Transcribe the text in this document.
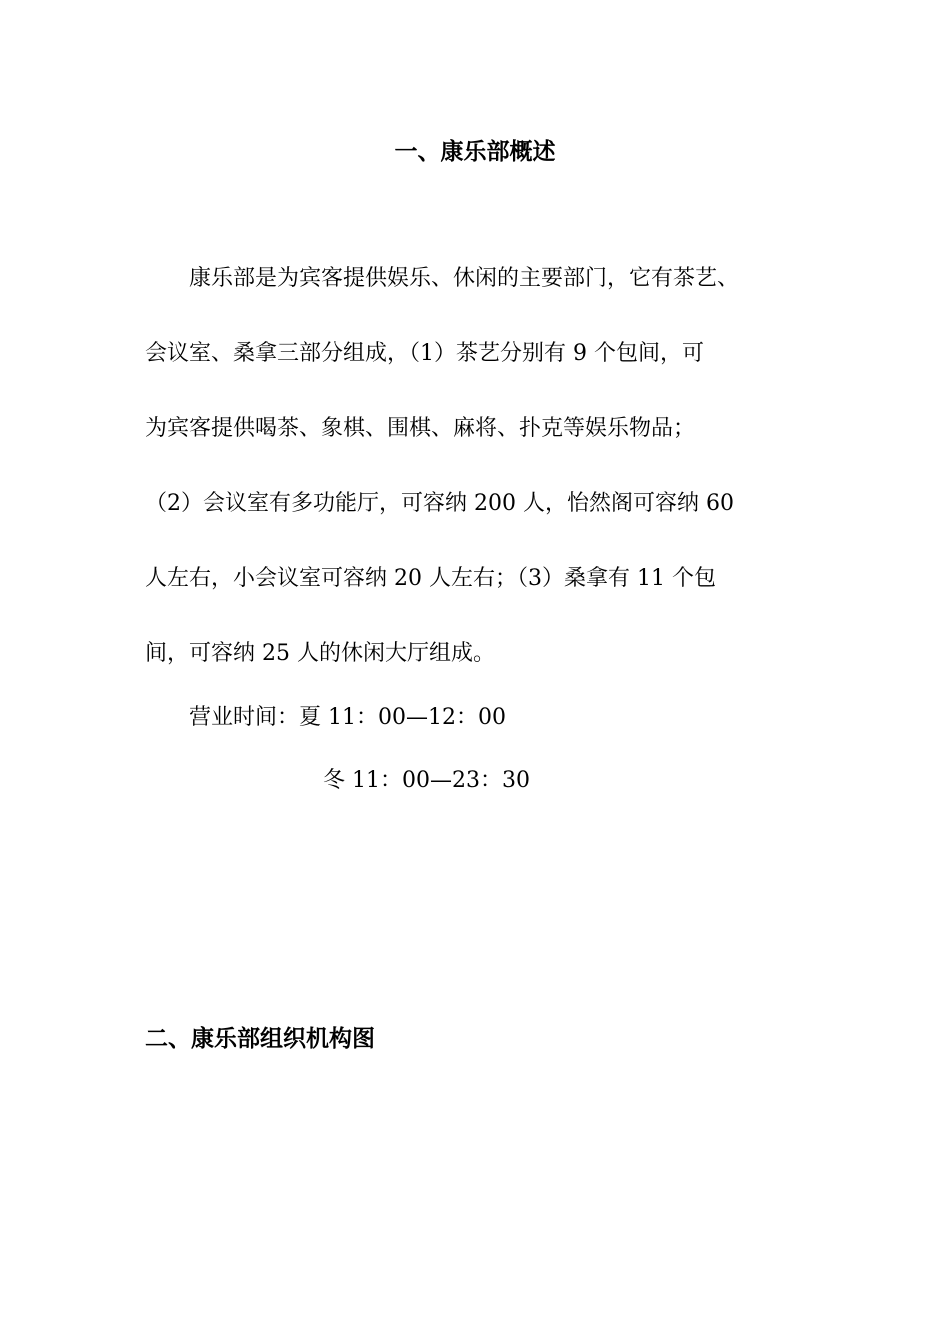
一、康乐部概述
　康乐部是为宾客提供娱乐、休闲的主要部门，它有茶艺、
会议室、桑拿三部分组成，（1）茶艺分别有 9 个包间，可
为宾客提供喝茶、象棋、围棋、麻将、扑克等娱乐物品；
（2）会议室有多功能厅，可容纳 200 人，怡然阁可容纳 60
人左右，小会议室可容纳 20 人左右；（3）桑拿有 11 个包
间，可容纳 25 人的休闲大厅组成。
　营业时间：夏 11：00—12：00
冬 11：00—23：30
二、康乐部组织机构图
